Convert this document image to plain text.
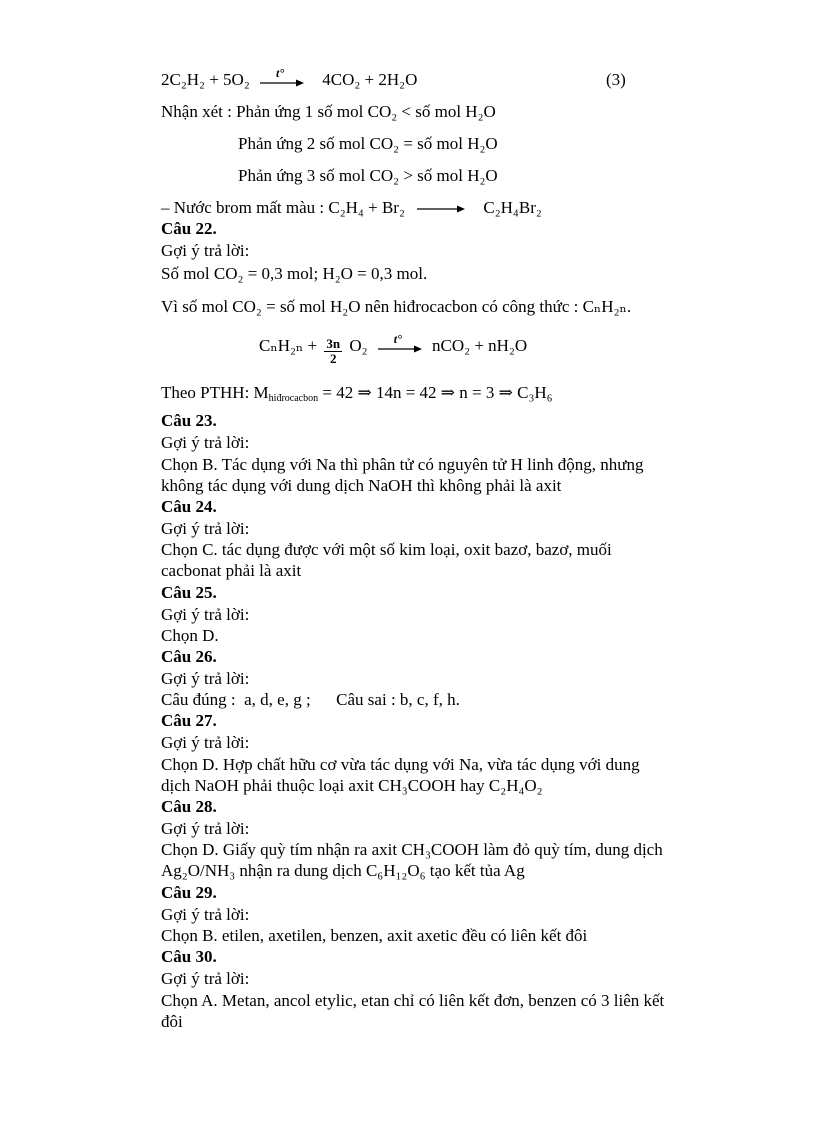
2C₂H₂ + 5O₂ t° 4CO₂ + 2H₂O	(3)
Nhận xét : Phản ứng 1 số mol CO₂ < số mol H₂O
Phản ứng 2 số mol CO₂ = số mol H₂O
Phản ứng 3 số mol CO₂ > số mol H₂O
– Nước brom mất màu : C₂H₄ + Br₂ → C₂H₄Br₂
Câu 22.
Gợi ý trả lời:
Số mol CO₂ = 0,3 mol; H₂O = 0,3 mol.
Vì số mol CO₂ = số mol H₂O nên hiđrocacbon có công thức : CₙH₂ₙ.
$C_nH_{2n} + \frac{3n}{2} O_2$ t° nCO₂ + nH₂O
Theo PTHH: $M_{hiđrocacbon} = 42$ ⇒ 14n = 42 ⇒ n = 3 ⇒ C₃H₆
Câu 23.
Gợi ý trả lời:
Chọn B. Tác dụng với Na thì phân tử có nguyên tử H linh động, nhưng
không tác dụng với dung dịch NaOH thì không phải là axit
Câu 24.
Gợi ý trả lời:
Chọn C. tác dụng được với một số kim loại, oxit bazơ, bazơ, muối
cacbonat phải là axit
Câu 25.
Gợi ý trả lời:
Chọn D.
Câu 26.
Gợi ý trả lời:
Câu đúng :  a, d, e, g ;      Câu sai : b, c, f, h.
Câu 27.
Gợi ý trả lời:
Chọn D. Hợp chất hữu cơ vừa tác dụng với Na, vừa tác dụng với dung
dịch NaOH phải thuộc loại axit CH₃COOH hay C₂H₄O₂
Câu 28.
Gợi ý trả lời:
Chọn D. Giấy quỳ tím nhận ra axit CH₃COOH làm đỏ quỳ tím, dung dịch
Ag₂O/NH₃ nhận ra dung dịch C₆H₁₂O₆ tạo kết tủa Ag
Câu 29.
Gợi ý trả lời:
Chọn B. etilen, axetilen, benzen, axit axetic đều có liên kết đôi
Câu 30.
Gợi ý trả lời:
Chọn A. Metan, ancol etylic, etan chỉ có liên kết đơn, benzen có 3 liên kết
đôi
